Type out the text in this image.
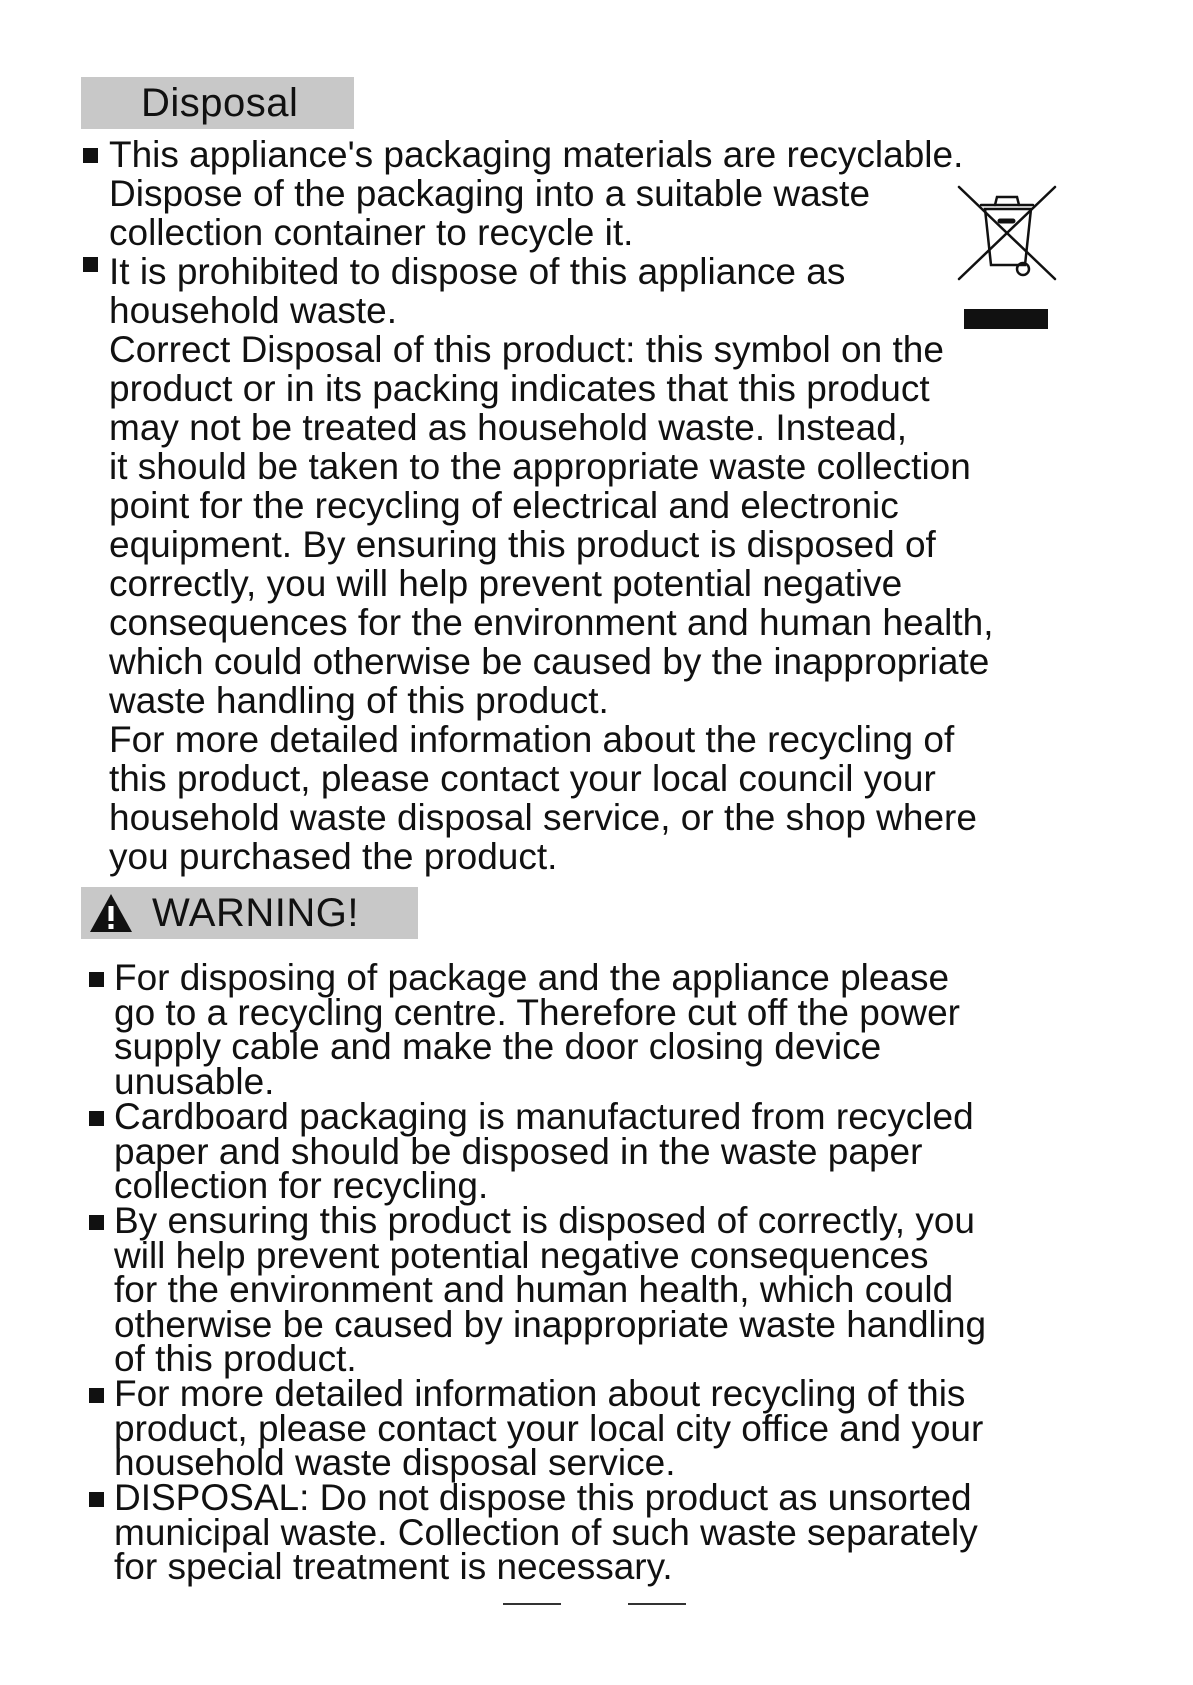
Disposal
This appliance's packaging materials are recyclable.
Dispose of the packaging into a suitable waste
collection container to recycle it.
It is prohibited to dispose of this appliance as
household waste.
Correct Disposal of this product: this symbol on the
product or in its packing indicates that this product
may not be treated as household waste. Instead,
it should be taken to the appropriate waste collection
point for the recycling of electrical and electronic
equipment. By ensuring this product is disposed of
correctly, you will help prevent potential negative
consequences for the environment and human health,
which could otherwise be caused by the inappropriate
waste handling of this product.
For more detailed information about the recycling of
this product, please contact your local council your
household waste disposal service, or the shop where
you purchased the product.
WARNING!
For disposing of package and the appliance please
go to a recycling centre. Therefore cut off the power
supply cable and make the door closing device
unusable.
Cardboard packaging is manufactured from recycled
paper and should be disposed in the waste paper
collection for recycling.
By ensuring this product is disposed of correctly, you
will help prevent potential negative consequences
for the environment and human health, which could
otherwise be caused by inappropriate waste handling
of this product.
For more detailed information about recycling of this
product, please contact your local city office and your
household waste disposal service.
DISPOSAL: Do not dispose this product as unsorted
municipal waste. Collection of such waste separately
for special treatment is necessary.
